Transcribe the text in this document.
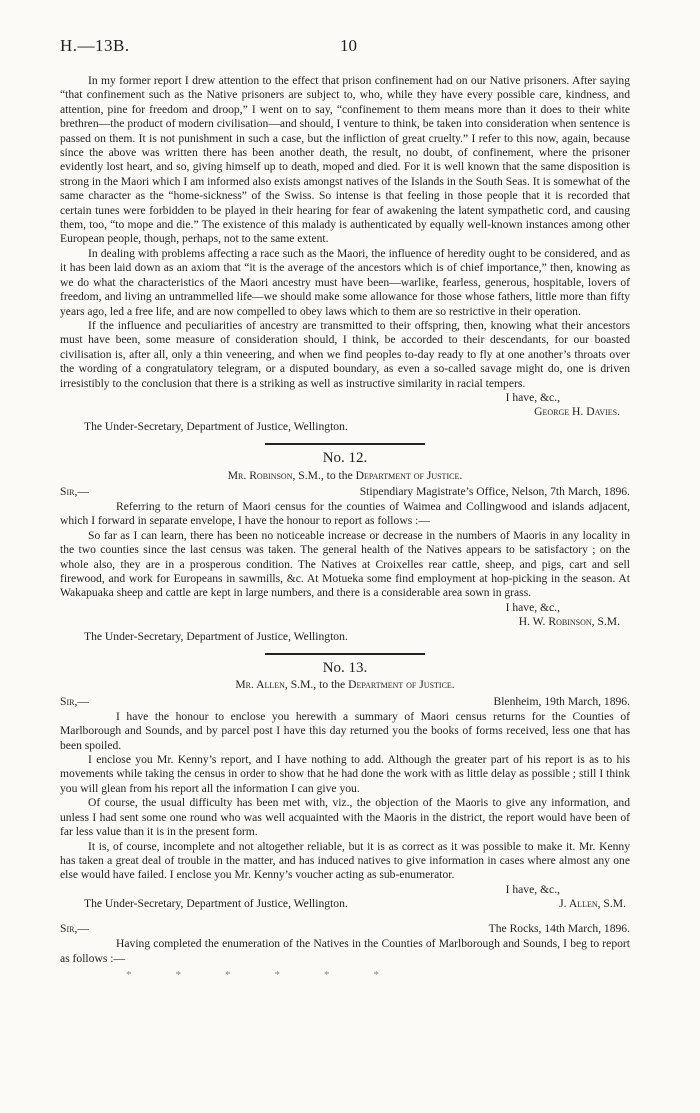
H.—13B.	10

In my former report I drew attention to the effect that prison confinement had on our Native prisoners. After saying “that confinement such as the Native prisoners are subject to, who, while they have every possible care, kindness, and attention, pine for freedom and droop,” I went on to say, “confinement to them means more than it does to their white brethren—the product of modern civilisation—and should, I venture to think, be taken into consideration when sentence is passed on them. It is not punishment in such a case, but the infliction of great cruelty.” I refer to this now, again, because since the above was written there has been another death, the result, no doubt, of confinement, where the prisoner evidently lost heart, and so, giving himself up to death, moped and died. For it is well known that the same disposition is strong in the Maori which I am informed also exists amongst natives of the Islands in the South Seas. It is somewhat of the same character as the “home-sickness” of the Swiss. So intense is that feeling in those people that it is recorded that certain tunes were forbidden to be played in their hearing for fear of awakening the latent sympathetic cord, and causing them, too, “to mope and die.” The existence of this malady is authenticated by equally well-known instances among other European people, though, perhaps, not to the same extent.

In dealing with problems affecting a race such as the Maori, the influence of heredity ought to be considered, and as it has been laid down as an axiom that “it is the average of the ancestors which is of chief importance,” then, knowing as we do what the characteristics of the Maori ancestry must have been—warlike, fearless, generous, hospitable, lovers of freedom, and living an untrammelled life—we should make some allowance for those whose fathers, little more than fifty years ago, led a free life, and are now compelled to obey laws which to them are so restrictive in their operation.

If the influence and peculiarities of ancestry are transmitted to their offspring, then, knowing what their ancestors must have been, some measure of consideration should, I think, be accorded to their descendants, for our boasted civilisation is, after all, only a thin veneering, and when we find peoples to-day ready to fly at one another’s throats over the wording of a congratulatory telegram, or a disputed boundary, as even a so-called savage might do, one is driven irresistibly to the conclusion that there is a striking as well as instructive similarity in racial tempers.

I have, &c.,

George H. Davies.

The Under-Secretary, Department of Justice, Wellington.

No. 12.
Mr. Robinson, S.M., to the Department of Justice.
Sir,—	Stipendiary Magistrate’s Office, Nelson, 7th March, 1896.

Referring to the return of Maori census for the counties of Waimea and Collingwood and islands adjacent, which I forward in separate envelope, I have the honour to report as follows :—

So far as I can learn, there has been no noticeable increase or decrease in the numbers of Maoris in any locality in the two counties since the last census was taken. The general health of the Natives appears to be satisfactory ; on the whole also, they are in a prosperous condition. The Natives at Croixelles rear cattle, sheep, and pigs, cart and sell firewood, and work for Europeans in sawmills, &c. At Motueka some find employment at hop-picking in the season. At Wakapuaka sheep and cattle are kept in large numbers, and there is a considerable area sown in grass.

I have, &c.,

H. W. Robinson, S.M.

The Under-Secretary, Department of Justice, Wellington.

No. 13.
Mr. Allen, S.M., to the Department of Justice.
Sir,—	Blenheim, 19th March, 1896.

I have the honour to enclose you herewith a summary of Maori census returns for the Counties of Marlborough and Sounds, and by parcel post I have this day returned you the books of forms received, less one that has been spoiled.

I enclose you Mr. Kenny’s report, and I have nothing to add. Although the greater part of his report is as to his movements while taking the census in order to show that he had done the work with as little delay as possible ; still I think you will glean from his report all the information I can give you.

Of course, the usual difficulty has been met with, viz., the objection of the Maoris to give any information, and unless I had sent some one round who was well acquainted with the Maoris in the district, the report would have been of far less value than it is in the present form.

It is, of course, incomplete and not altogether reliable, but it is as correct as it was possible to make it. Mr. Kenny has taken a great deal of trouble in the matter, and has induced natives to give information in cases where almost any one else would have failed. I enclose you Mr. Kenny’s voucher acting as sub-enumerator.

I have, &c.,

The Under-Secretary, Department of Justice, Wellington.	J. Allen, S.M.
Sir,—	The Rocks, 14th March, 1896.

Having completed the enumeration of the Natives in the Counties of Marlborough and Sounds, I beg to report as follows :—

*	*	*	*	*	*
